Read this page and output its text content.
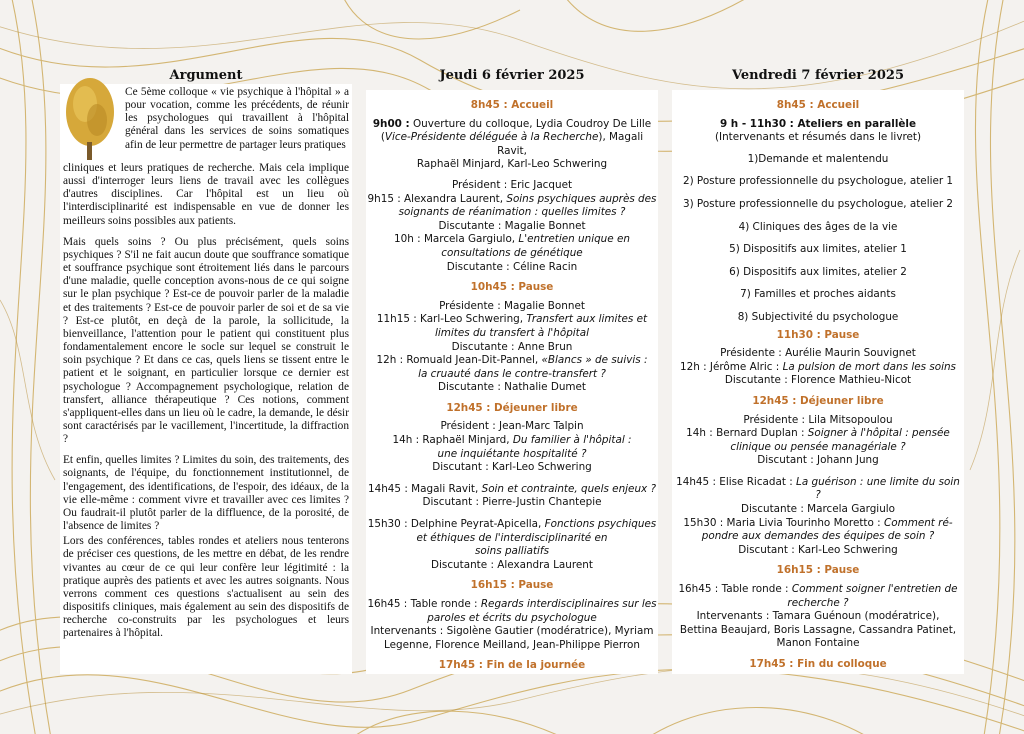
Argument	Jeudi 6 février 2025	Vendredi 7 février 2025

Ce 5ème colloque « vie psychique à l'hôpital » a pour vocation, comme les précédents, de réunir les psychologues qui travaillent à l'hôpital général dans les services de soins somatiques afin de leur permettre de partager leurs pratiques
cliniques et leurs pratiques de recherche. Mais cela implique aussi d'interroger leurs liens de travail avec les collègues d'autres disciplines. Car l'hôpital est un lieu où l'interdisciplinarité est indispensable en vue de donner les meilleurs soins possibles aux patients.

Mais quels soins ? Ou plus précisément, quels soins psychiques ? S'il ne fait aucun doute que souffrance somatique et souffrance psychique sont étroitement liés dans le parcours d'une maladie, quelle conception avons-nous de ce qui soigne sur le plan psychique ? Est-ce de pouvoir parler de la maladie et des traitements ? Est-ce de pouvoir parler de soi et de sa vie ? Est-ce plutôt, en deçà de la parole, la sollicitude, la bienveillance, l'attention pour le patient qui constituent plus fondamentalement encore le socle sur lequel se construit le soin psychique ? Et dans ce cas, quels liens se tissent entre le patient et le soignant, en particulier lorsque ce dernier est psychologue ? Accompagnement psychologique, relation de transfert, alliance thérapeutique ? Ces notions, comment s'appliquent-elles dans un lieu où le cadre, la demande, le désir sont caractérisés par le vacillement, l'incertitude, la diffraction ?

Et enfin, quelles limites ? Limites du soin, des traitements, des soignants, de l'équipe, du fonctionnement institutionnel, de l'engagement, des identifications, de l'espoir, des idéaux, de la vie elle-même : comment vivre et travailler avec ces limites ? Ou faudrait-il plutôt parler de la diffluence, de la porosité, de l'absence de limites ?

Lors des conférences, tables rondes et ateliers nous tenterons de préciser ces questions, de les mettre en débat, de les rendre vivantes au cœur de ce qui leur confère leur légitimité : la pratique auprès des patients et avec les autres soignants. Nous verrons comment ces questions s'actualisent au sein des dispositifs cliniques, mais également au sein des dispositifs de recherche co-construits par les psychologues et leurs partenaires à l'hôpital.

8h45 : Accueil
9h00 : Ouverture du colloque, Lydia Coudroy De Lille
(Vice-Présidente déléguée à la Recherche), Magali Ravit,
Raphaël Minjard, Karl-Leo Schwering
Président : Eric Jacquet
9h15 : Alexandra Laurent, Soins psychiques auprès des
soignants de réanimation : quelles limites ?
Discutante : Magalie Bonnet
10h : Marcela Gargiulo, L'entretien unique en
consultations de génétique
Discutante : Céline Racin
10h45 : Pause
Présidente : Magalie Bonnet
11h15 : Karl-Leo Schwering, Transfert aux limites et
limites du transfert à l'hôpital
Discutante : Anne Brun
12h : Romuald Jean-Dit-Pannel, «Blancs » de suivis :
la cruauté dans le contre-transfert ?
Discutante : Nathalie Dumet
12h45 : Déjeuner libre
Président : Jean-Marc Talpin
14h : Raphaël Minjard, Du familier à l'hôpital :
une inquiétante hospitalité ?
Discutant : Karl-Leo Schwering
14h45 : Magali Ravit, Soin et contrainte, quels enjeux ?
Discutant : Pierre-Justin Chantepie
15h30 : Delphine Peyrat-Apicella, Fonctions psychiques
et éthiques de l'interdisciplinarité en
soins palliatifs
Discutante : Alexandra Laurent
16h15 : Pause
16h45 : Table ronde : Regards interdisciplinaires sur les
paroles et écrits du psychologue
Intervenants : Sigolène Gautier (modératrice), Myriam
Legenne, Florence Meilland, Jean-Philippe Pierron
17h45 : Fin de la journée
8h45 : Accueil
9 h - 11h30 : Ateliers en parallèle
(Intervenants et résumés dans le livret)
1)Demande et malentendu
2) Posture professionnelle du psychologue, atelier 1
3) Posture professionnelle du psychologue, atelier 2
4) Cliniques des âges de la vie
5) Dispositifs aux limites, atelier 1
6) Dispositifs aux limites, atelier 2
7) Familles et proches aidants
8) Subjectivité du psychologue
11h30 : Pause
Présidente : Aurélie Maurin Souvignet
12h : Jérôme Alric : La pulsion de mort dans les soins
Discutante : Florence Mathieu-Nicot
12h45 : Déjeuner libre
Présidente : Lila Mitsopoulou
14h : Bernard Duplan : Soigner à l'hôpital : pensée
clinique ou pensée managériale ?
Discutant : Johann Jung
14h45 : Elise Ricadat : La guérison : une limite du soin ?
Discutante : Marcela Gargiulo
15h30 : Maria Livia Tourinho Moretto : Comment ré-
pondre aux demandes des équipes de soin ?
Discutant : Karl-Leo Schwering
16h15 : Pause
16h45 : Table ronde : Comment soigner l'entretien de
recherche ?
Intervenants : Tamara Guénoun (modératrice),
Bettina Beaujard, Boris Lassagne, Cassandra Patinet,
Manon Fontaine
17h45 : Fin du colloque
